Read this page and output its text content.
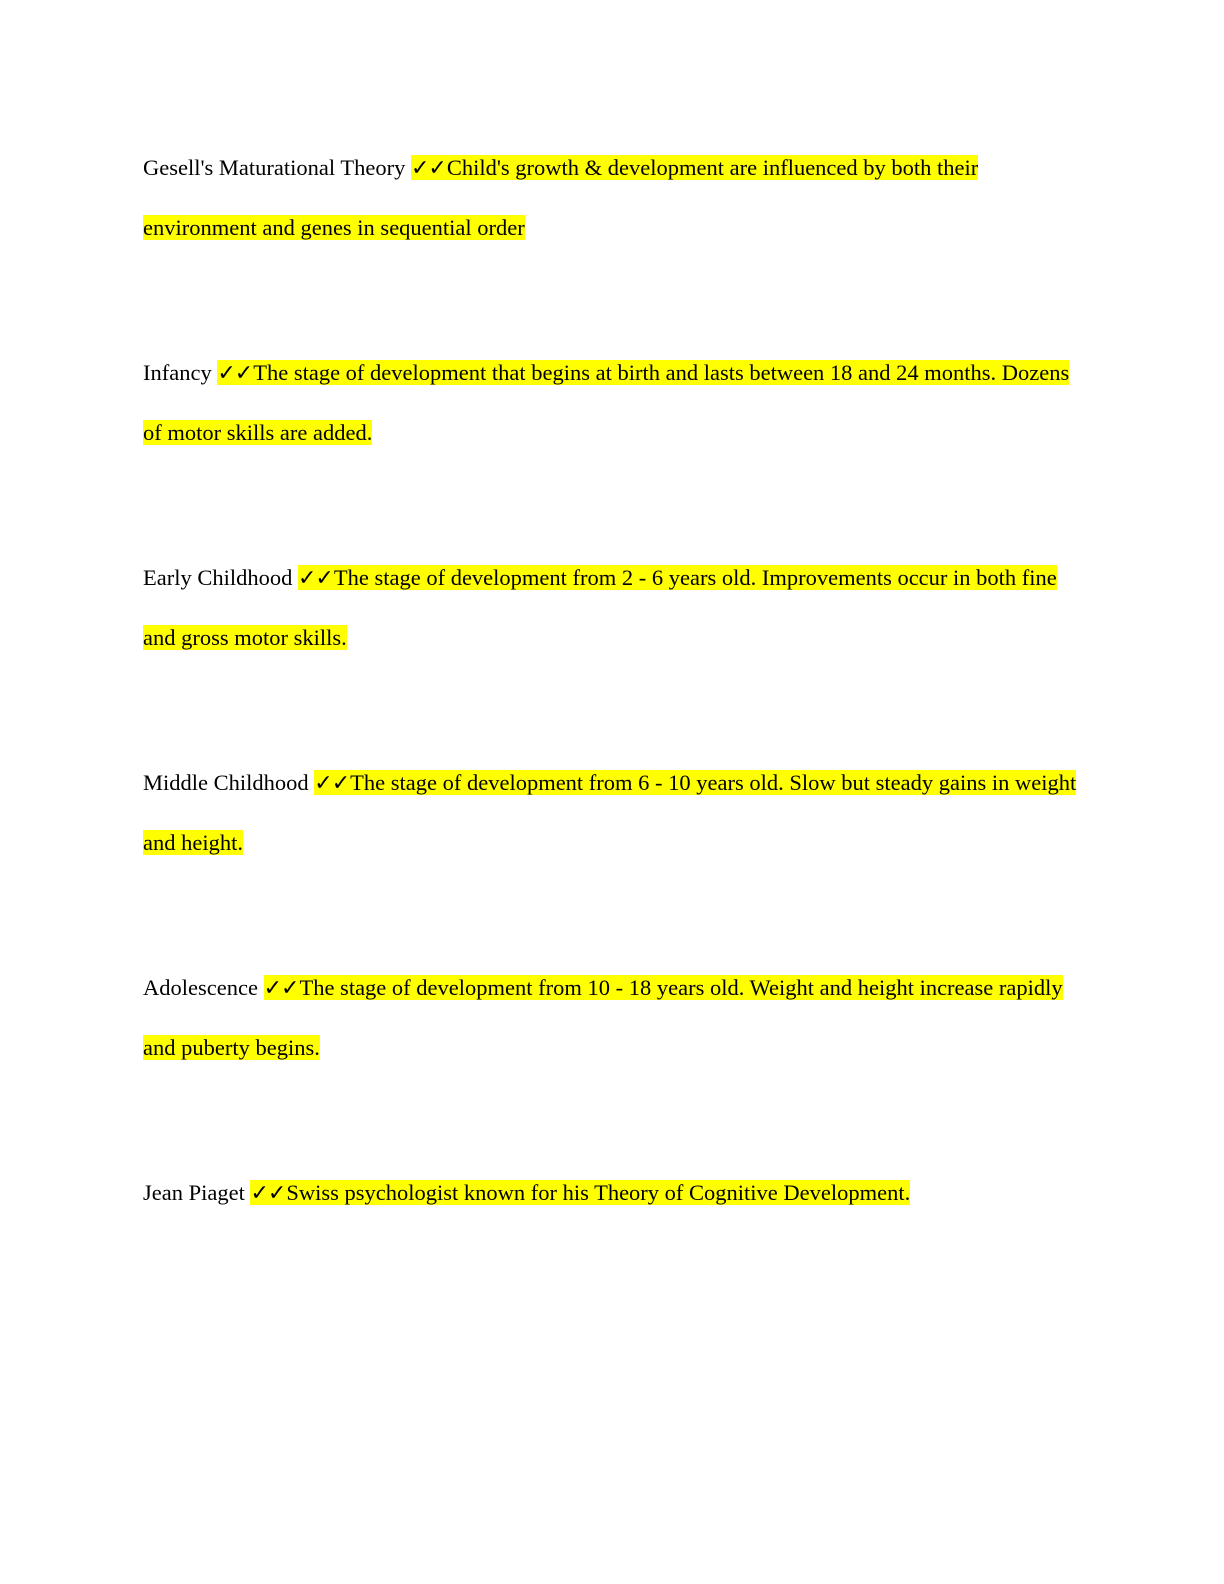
Gesell's Maturational Theory ✓✓Child's growth & development are influenced by both their environment and genes in sequential order

Infancy ✓✓The stage of development that begins at birth and lasts between 18 and 24 months. Dozens of motor skills are added.

Early Childhood ✓✓The stage of development from 2 - 6 years old. Improvements occur in both fine and gross motor skills.

Middle Childhood ✓✓The stage of development from 6 - 10 years old. Slow but steady gains in weight and height.

Adolescence ✓✓The stage of development from 10 - 18 years old. Weight and height increase rapidly and puberty begins.

Jean Piaget ✓✓Swiss psychologist known for his Theory of Cognitive Development.
